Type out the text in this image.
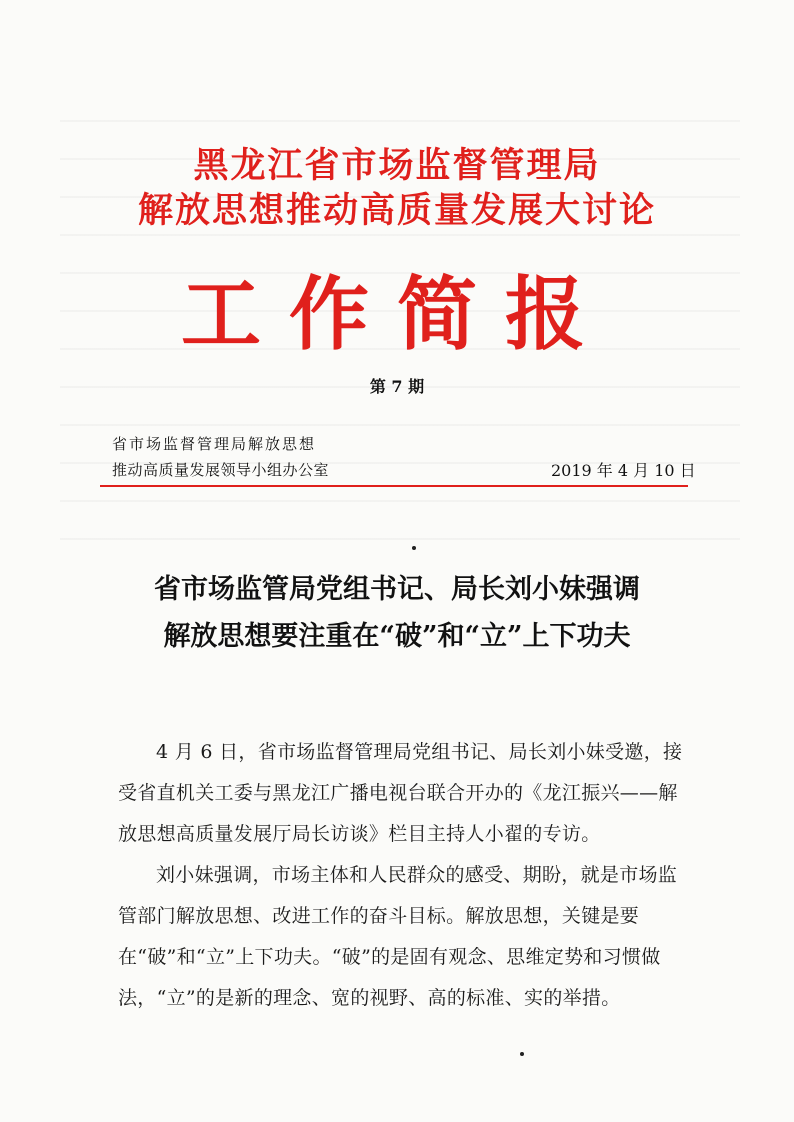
黑龙江省市场监督管理局
解放思想推动高质量发展大讨论
工作简报
第 7 期
省市场监督管理局解放思想
推动高质量发展领导小组办公室	2019 年 4 月 10 日
省市场监管局党组书记、局长刘小妹强调
解放思想要注重在“破”和“立”上下功夫

4 月 6 日，省市场监督管理局党组书记、局长刘小妹受邀，接受省直机关工委与黑龙江广播电视台联合开办的《龙江振兴——解放思想高质量发展厅局长访谈》栏目主持人小翟的专访。

刘小妹强调，市场主体和人民群众的感受、期盼，就是市场监管部门解放思想、改进工作的奋斗目标。解放思想，关键是要在“破”和“立”上下功夫。“破”的是固有观念、思维定势和习惯做法，“立”的是新的理念、宽的视野、高的标准、实的举措。
